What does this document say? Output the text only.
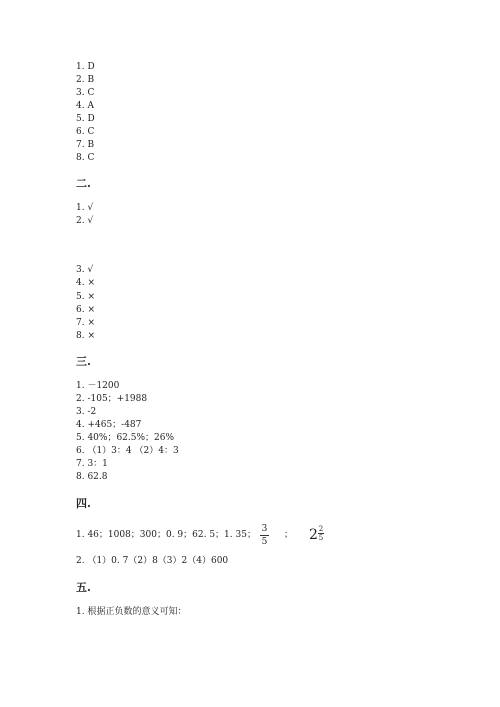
1. D
2. B
3. C
4. A
5. D
6. C
7. B
8. C
二.
1. √
2. √
3. √
4. ×
5. ×
6. ×
7. ×
8. ×
三.
1. －1200
2. -105；+1988
3. -2
4. +465；-487
5. 40%；62.5%；26%
6. （1）3：4 （2）4：3
7. 3：1
8. 62.8
四.
1. 46；1008；300；0. 9；62. 5；1. 35；
3
5
； 2 2
5
2. （1）0. 7（2）8（3）2（4）600
五.
1. 根据正负数的意义可知：
